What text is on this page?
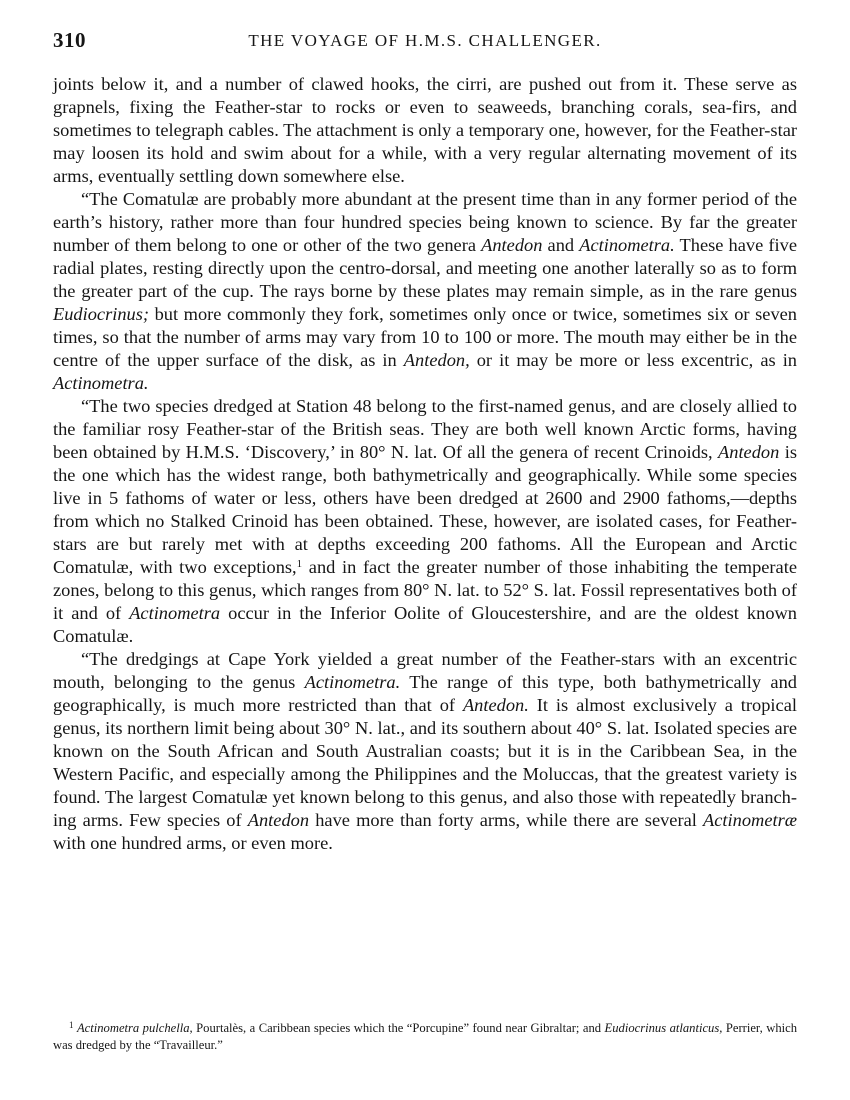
310	THE VOYAGE OF H.M.S. CHALLENGER.

joints below it, and a number of clawed hooks, the cirri, are pushed out from it. These serve as grapnels, fixing the Feather-star to rocks or even to seaweeds, branching corals, sea-firs, and sometimes to telegraph cables. The attachment is only a temporary one, however, for the Feather-star may loosen its hold and swim about for a while, with a very regular alternating movement of its arms, eventually settling down somewhere else.

“The Comatulæ are probably more abundant at the present time than in any former period of the earth’s history, rather more than four hundred species being known to science. By far the greater number of them belong to one or other of the two genera Antedon and Actinometra. These have five radial plates, resting directly upon the centro-dorsal, and meeting one another laterally so as to form the greater part of the cup. The rays borne by these plates may remain simple, as in the rare genus Eudiocrinus; but more commonly they fork, sometimes only once or twice, sometimes six or seven times, so that the number of arms may vary from 10 to 100 or more. The mouth may either be in the centre of the upper surface of the disk, as in Antedon, or it may be more or less excentric, as in Actinometra.

“The two species dredged at Station 48 belong to the first-named genus, and are closely allied to the familiar rosy Feather-star of the British seas. They are both well known Arctic forms, having been obtained by H.M.S. ‘Discovery,’ in 80° N. lat. Of all the genera of recent Crinoids, Antedon is the one which has the widest range, both bathymetrically and geographically. While some species live in 5 fathoms of water or less, others have been dredged at 2600 and 2900 fathoms,—depths from which no Stalked Crinoid has been obtained. These, however, are isolated cases, for Feather-stars are but rarely met with at depths exceeding 200 fathoms. All the European and Arctic Comatulæ, with two exceptions,$^1$ and in fact the greater number of those inhabiting the temperate zones, belong to this genus, which ranges from 80° N. lat. to 52° S. lat. Fossil representatives both of it and of Actinometra occur in the Inferior Oolite of Gloucestershire, and are the oldest known Comatulæ.

“The dredgings at Cape York yielded a great number of the Feather-stars with an excentric mouth, belonging to the genus Actinometra. The range of this type, both bathymetrically and geographically, is much more restricted than that of Antedon. It is almost exclusively a tropical genus, its northern limit being about 30° N. lat., and its southern about 40° S. lat. Isolated species are known on the South African and South Australian coasts; but it is in the Caribbean Sea, in the Western Pacific, and especially among the Philippines and the Moluccas, that the greatest variety is found. The largest Comatulæ yet known belong to this genus, and also those with repeatedly branching arms. Few species of Antedon have more than forty arms, while there are several Actinometræ with one hundred arms, or even more.

$^1$ Actinometra pulchella, Pourtalès, a Caribbean species which the “Porcupine” found near Gibraltar; and Eudiocrinus atlanticus, Perrier, which was dredged by the “Travailleur.”
